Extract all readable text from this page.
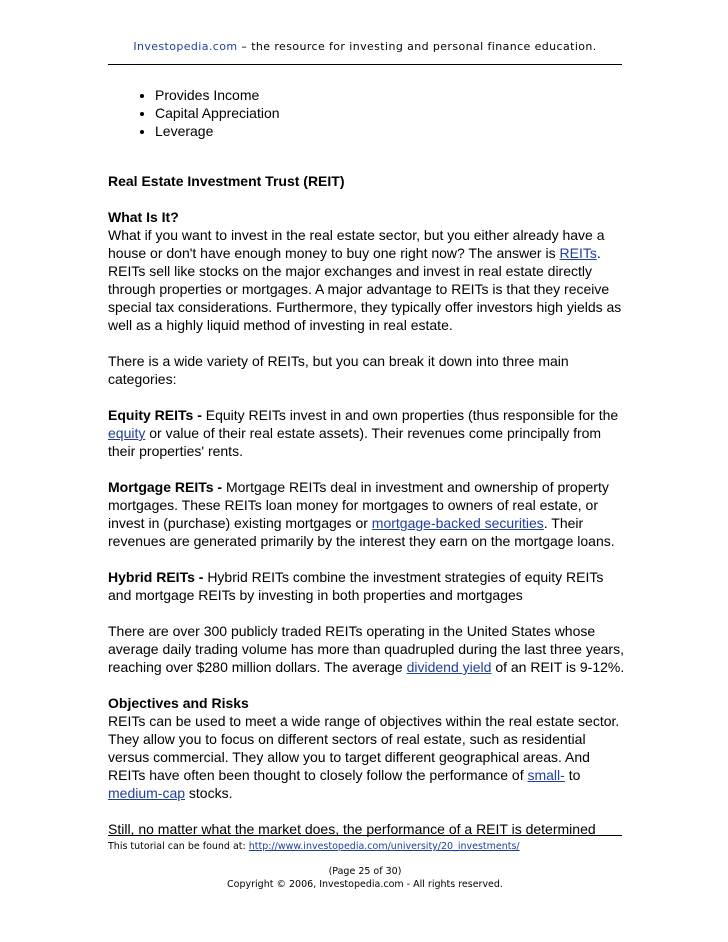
Investopedia.com – the resource for investing and personal finance education.
• Provides Income
• Capital Appreciation
• Leverage

Real Estate Investment Trust (REIT)

What Is It?
What if you want to invest in the real estate sector, but you either already have a house or don't have enough money to buy one right now? The answer is REITs. REITs sell like stocks on the major exchanges and invest in real estate directly through properties or mortgages. A major advantage to REITs is that they receive special tax considerations. Furthermore, they typically offer investors high yields as well as a highly liquid method of investing in real estate.

There is a wide variety of REITs, but you can break it down into three main categories:

Equity REITs - Equity REITs invest in and own properties (thus responsible for the equity or value of their real estate assets). Their revenues come principally from their properties' rents.

Mortgage REITs - Mortgage REITs deal in investment and ownership of property mortgages. These REITs loan money for mortgages to owners of real estate, or invest in (purchase) existing mortgages or mortgage-backed securities. Their revenues are generated primarily by the interest they earn on the mortgage loans.

Hybrid REITs - Hybrid REITs combine the investment strategies of equity REITs and mortgage REITs by investing in both properties and mortgages

There are over 300 publicly traded REITs operating in the United States whose average daily trading volume has more than quadrupled during the last three years, reaching over $280 million dollars. The average dividend yield of an REIT is 9-12%.

Objectives and Risks
REITs can be used to meet a wide range of objectives within the real estate sector. They allow you to focus on different sectors of real estate, such as residential versus commercial. They allow you to target different geographical areas. And REITs have often been thought to closely follow the performance of small- to medium-cap stocks.

Still, no matter what the market does, the performance of a REIT is determined

This tutorial can be found at: http://www.investopedia.com/university/20_investments/
(Page 25 of 30)
Copyright © 2006, Investopedia.com - All rights reserved.
